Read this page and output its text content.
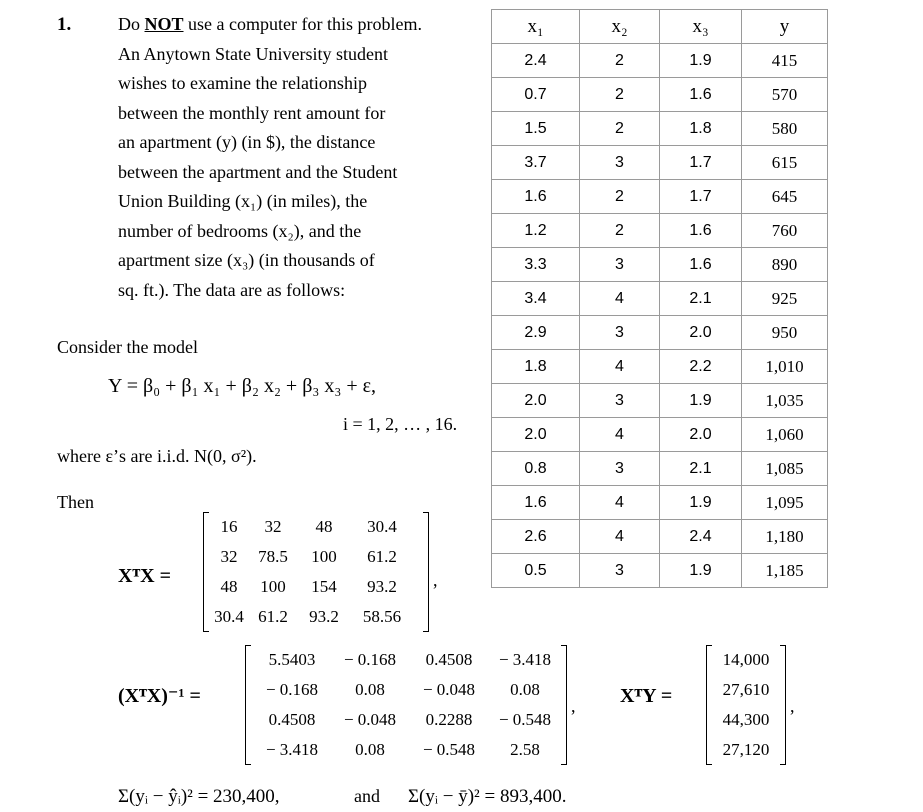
1.	Do NOT use a computer for this problem.
An Anytown State University student
wishes to examine the relationship
between the monthly rent amount for
an apartment (y) (in $), the distance
between the apartment and the Student
Union Building (x₁) (in miles), the
number of bedrooms (x₂), and the
apartment size (x₃) (in thousands of
sq. ft.). The data are as follows:
Consider the model
Y = β₀ + β₁ x₁ + β₂ x₂ + β₃ x₃ + ε,
i = 1, 2, … , 16.
where ε’s are i.i.d. N(0, σ²).
Then
x₁	x₂	x₃	y
2.4	2	1.9	415
0.7	2	1.6	570
1.5	2	1.8	580
3.7	3	1.7	615
1.6	2	1.7	645
1.2	2	1.6	760
3.3	3	1.6	890
3.4	4	2.1	925
2.9	3	2.0	950
1.8	4	2.2	1,010
2.0	3	1.9	1,035
2.0	4	2.0	1,060
0.8	3	2.1	1,085
1.6	4	1.9	1,095
2.6	4	2.4	1,180
0.5	3	1.9	1,185
XᵀX =
16	32	48	30.4
32	78.5	100	61.2
48	100	154	93.2
30.4 61.2	93.2	58.56
,
(XᵀX)⁻¹ =
5.5403	− 0.168	0.4508	− 3.418
− 0.168	0.08	− 0.048	0.08
0.4508	− 0.048	0.2288	− 0.548
− 3.418	0.08	− 0.548	2.58
, XᵀY =
14,000
27,610
44,300
27,120
,
Σ(yᵢ − ŷᵢ)² = 230,400,	and Σ(yᵢ − ȳ)² = 893,400.
